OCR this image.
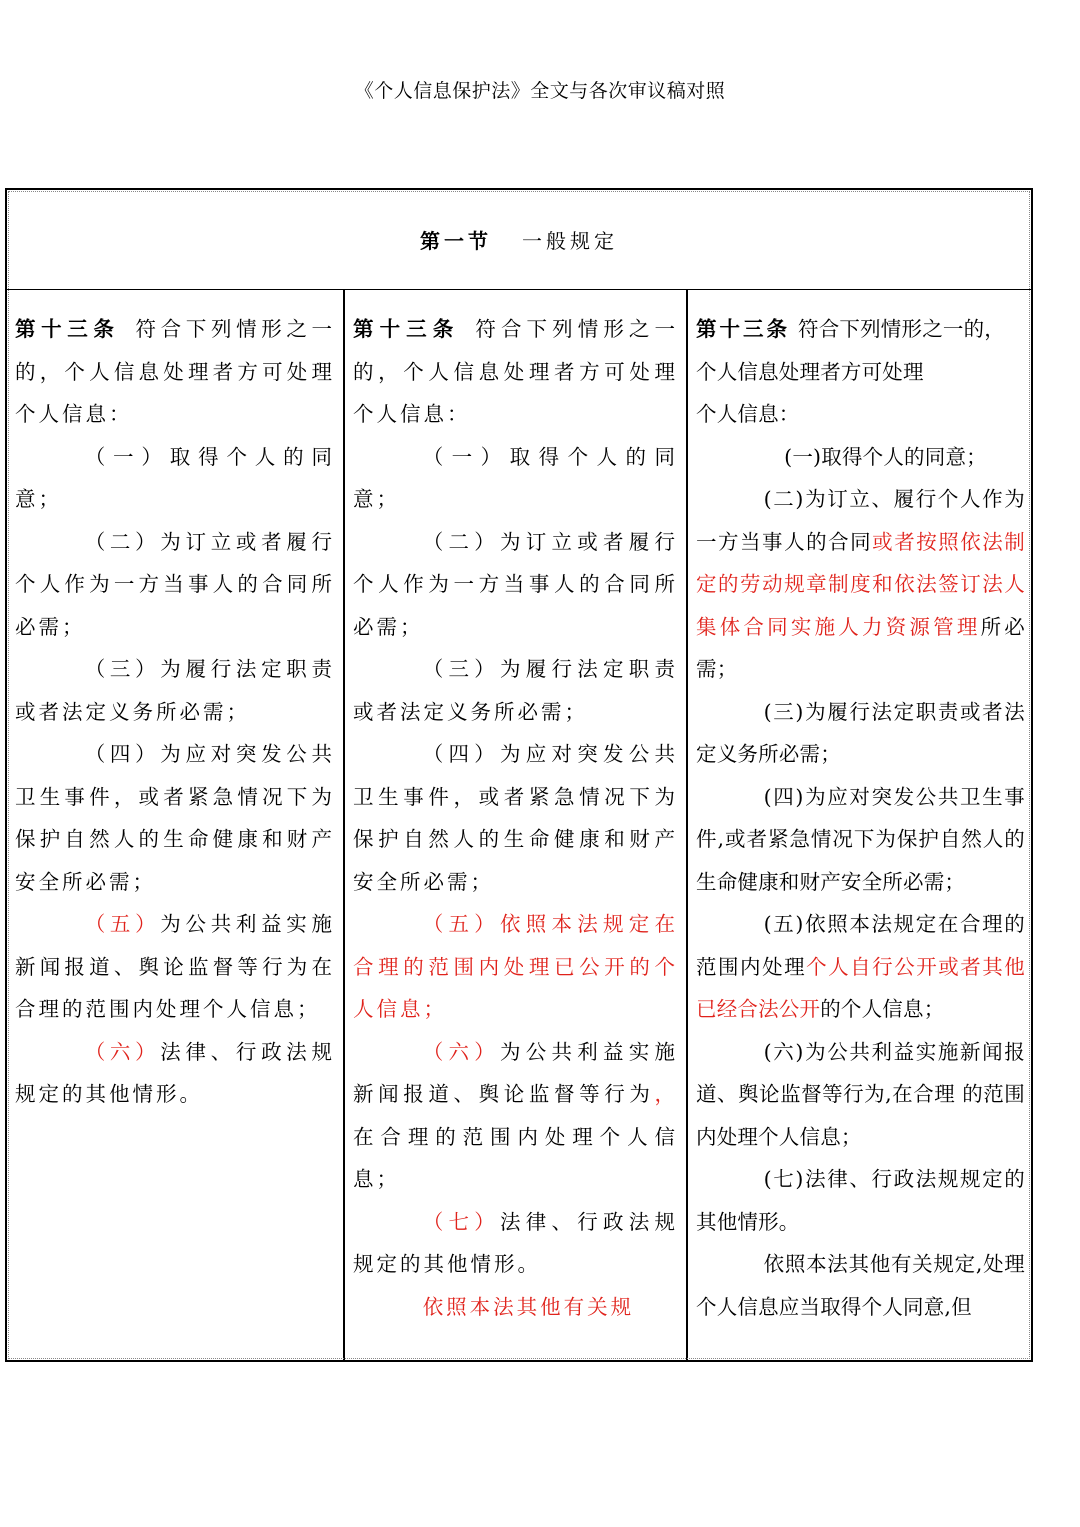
《个人信息保护法》全文与各次审议稿对照
第一节 一般规定

第十三条 符合下列情形之一的，个人信息处理者方可处理个人信息：

（一）取得个人的同意；

（二）为订立或者履行个人作为一方当事人的合同所必需；

（三）为履行法定职责或者法定义务所必需；

（四）为应对突发公共卫生事件，或者紧急情况下为保护自然人的生命健康和财产安全所必需；

（五）为公共利益实施新闻报道、舆论监督等行为在合理的范围内处理个人信息；

（六）法律、行政法规规定的其他情形。

第十三条 符合下列情形之一的，个人信息处理者方可处理个人信息：

（一）取得个人的同意；

（二）为订立或者履行个人作为一方当事人的合同所必需；

（三）为履行法定职责或者法定义务所必需；

（四）为应对突发公共卫生事件，或者紧急情况下为保护自然人的生命健康和财产安全所必需；

（五）依照本法规定在合理的范围内处理已公开的个人信息；

（六）为公共利益实施新闻报道、舆论监督等行为，在合理的范围内处理个人信息；

（七）法律、行政法规规定的其他情形。

依照本法其他有关规

第十三条 符合下列情形之一的，
个人信息处理者方可处理
个人信息：

(一)取得个人的同意；

(二)为订立、履行个人作为一方当事人的合同或者按照依法制定的劳动规章制度和依法签订法人集体合同实施人力资源管理所必需；

(三)为履行法定职责或者法定义务所必需；

(四)为应对突发公共卫生事件,或者紧急情况下为保护自然人的生命健康和财产安全所必需；

(五)依照本法规定在合理的范围内处理个人自行公开或者其他已经合法公开的个人信息；

(六)为公共利益实施新闻报道、舆论监督等行为,在合理 的范围内处理个人信息；

(七)法律、行政法规规定的其他情形。

依照本法其他有关规定,处理个人信息应当取得个人同意,但
